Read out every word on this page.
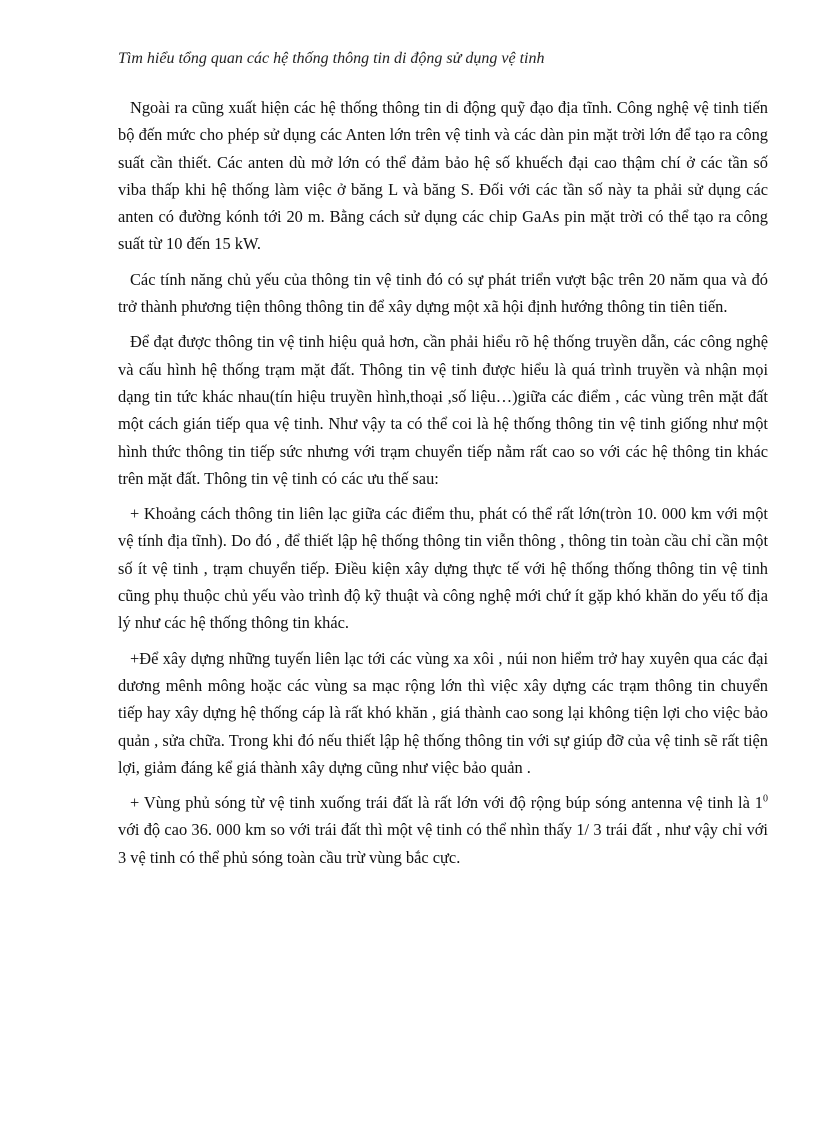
Tìm hiểu tổng quan các hệ thống thông tin di động sử dụng vệ tinh

Ngoài ra cũng xuất hiện các hệ thống thông tin di động quỹ đạo địa tĩnh. Công nghệ vệ tinh tiến bộ đến mức cho phép sử dụng các Anten lớn trên vệ tinh và các dàn pin mặt trời lớn để tạo ra công suất cần thiết. Các anten dù mở lớn có thể đảm bảo hệ số khuếch đại cao thậm chí ở các tần số viba thấp khi hệ thống làm việc ở băng L và băng S. Đối với các tần số này ta phải sử dụng các anten có đường kónh tới 20 m. Bằng cách sử dụng các chip GaAs pin mặt trời có thể tạo ra công suất từ 10 đến 15 kW.

Các tính năng chủ yếu của thông tin vệ tinh đó có sự phát triển vượt bậc trên 20 năm qua và đó trở thành phương tiện thông thông tin để xây dựng một xã hội định hướng thông tin tiên tiến.

Để đạt được thông tin vệ tinh hiệu quả hơn, cần phải hiểu rõ hệ thống truyền dẫn, các công nghệ và cấu hình hệ thống trạm mặt đất. Thông tin vệ tinh được hiểu là quá trình truyền và nhận mọi dạng tin tức khác nhau(tín hiệu truyền hình,thoại ,số liệu…)giữa các điểm , các vùng trên mặt đất một cách gián tiếp qua vệ tinh. Như vậy ta có thể coi là hệ thống thông tin vệ tinh giống như một hình thức thông tin tiếp sức nhưng với trạm chuyển tiếp nằm rất cao so với các hệ thông tin khác trên mặt đất. Thông tin vệ tinh có các ưu thế sau:

+ Khoảng cách thông tin liên lạc giữa các điểm thu, phát có thể rất lớn(tròn 10. 000 km với một vệ tính địa tĩnh). Do đó , để thiết lập hệ thống thông tin viễn thông , thông tin toàn cầu chỉ cần một số ít vệ tinh , trạm chuyển tiếp. Điều kiện xây dựng thực tế với hệ thống thống thông tin vệ tinh cũng phụ thuộc chủ yếu vào trình độ kỹ thuật và công nghệ mới chứ ít gặp khó khăn do yếu tố địa lý như các hệ thống thông tin khác.

+Để xây dựng những tuyến liên lạc tới các vùng xa xôi , núi non hiểm trở hay xuyên qua các đại dương mênh mông hoặc các vùng sa mạc rộng lớn thì việc xây dựng các trạm thông tin chuyển tiếp hay xây dựng hệ thống cáp là rất khó khăn , giá thành cao song lại không tiện lợi cho việc bảo quản , sửa chữa. Trong khi đó nếu thiết lập hệ thống thông tin với sự giúp đỡ của vệ tinh sẽ rất tiện lợi, giảm đáng kể giá thành xây dựng cũng như việc bảo quản .

+ Vùng phủ sóng từ vệ tinh xuống trái đất là rất lớn với độ rộng búp sóng antenna vệ tinh là $1^0$ với độ cao 36. 000 km so với trái đất thì một vệ tinh có thể nhìn thấy 1/ 3 trái đất , như vậy chỉ với 3 vệ tinh có thể phủ sóng toàn cầu trừ vùng bắc cực.
